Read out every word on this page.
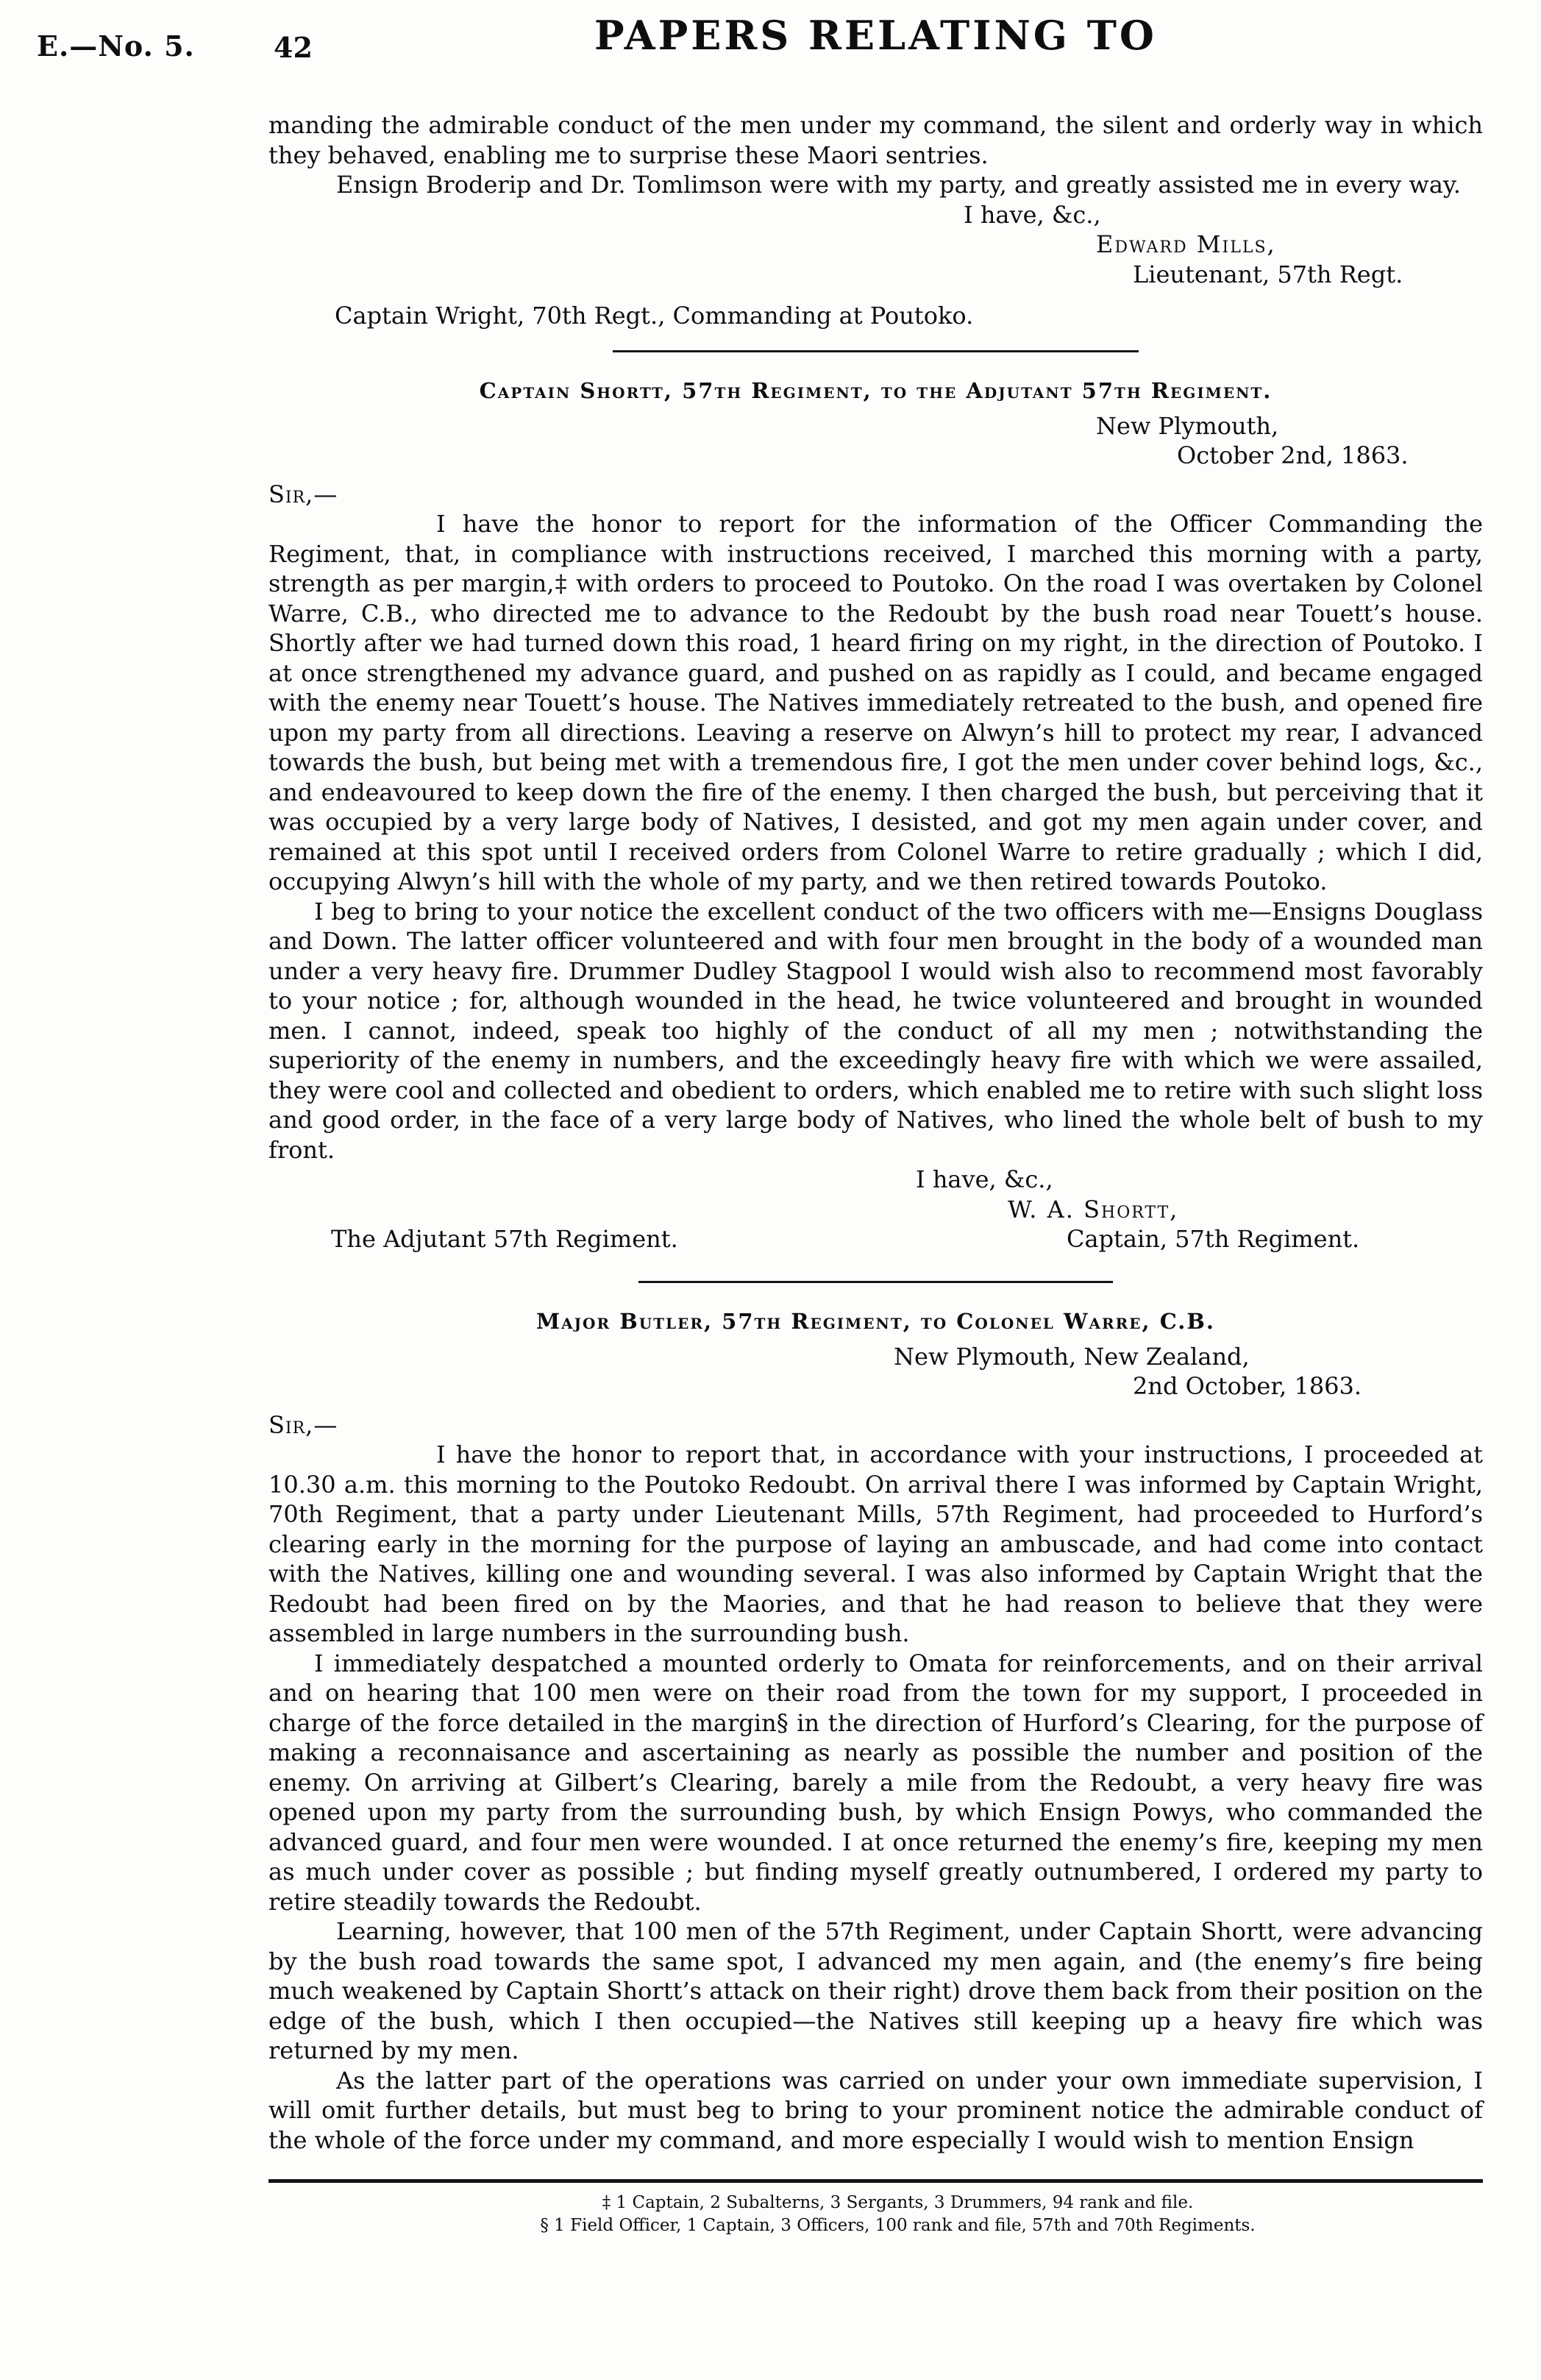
E.—No. 5.	42	PAPERS RELATING TO

manding the admirable conduct of the men under my command, the silent and orderly way in which they behaved, enabling me to surprise these Maori sentries.

Ensign Broderip and Dr. Tomlimson were with my party, and greatly assisted me in every way.

I have, &c.,
Edward Mills,
Lieutenant, 57th Regt.
Captain Wright, 70th Regt., Commanding at Poutoko.
Captain Shortt, 57th Regiment, to the Adjutant 57th Regiment.
New Plymouth,
October 2nd, 1863.
Sir,—

I have the honor to report for the information of the Officer Commanding the Regiment, that, in compliance with instructions received, I marched this morning with a party, strength as per margin,‡ with orders to proceed to Poutoko. On the road I was overtaken by Colonel Warre, C.B., who directed me to advance to the Redoubt by the bush road near Touett’s house. Shortly after we had turned down this road, 1 heard firing on my right, in the direction of Poutoko. I at once strengthened my advance guard, and pushed on as rapidly as I could, and became engaged with the enemy near Touett’s house. The Natives immediately retreated to the bush, and opened fire upon my party from all directions. Leaving a reserve on Alwyn’s hill to protect my rear, I advanced towards the bush, but being met with a tremendous fire, I got the men under cover behind logs, &c., and endeavoured to keep down the fire of the enemy. I then charged the bush, but perceiving that it was occupied by a very large body of Natives, I desisted, and got my men again under cover, and remained at this spot until I received orders from Colonel Warre to retire gradually ; which I did, occupying Alwyn’s hill with the whole of my party, and we then retired towards Poutoko.

I beg to bring to your notice the excellent conduct of the two officers with me—Ensigns Douglass and Down. The latter officer volunteered and with four men brought in the body of a wounded man under a very heavy fire. Drummer Dudley Stagpool I would wish also to recommend most favorably to your notice ; for, although wounded in the head, he twice volunteered and brought in wounded men. I cannot, indeed, speak too highly of the conduct of all my men ; notwithstanding the superiority of the enemy in numbers, and the exceedingly heavy fire with which we were assailed, they were cool and collected and obedient to orders, which enabled me to retire with such slight loss and good order, in the face of a very large body of Natives, who lined the whole belt of bush to my front.

I have, &c.,
W. A. Shortt,
The Adjutant 57th Regiment.	Captain, 57th Regiment.
Major Butler, 57th Regiment, to Colonel Warre, C.B.
New Plymouth, New Zealand,
2nd October, 1863.
Sir,—

I have the honor to report that, in accordance with your instructions, I proceeded at 10.30 a.m. this morning to the Poutoko Redoubt. On arrival there I was informed by Captain Wright, 70th Regiment, that a party under Lieutenant Mills, 57th Regiment, had proceeded to Hurford’s clearing early in the morning for the purpose of laying an ambuscade, and had come into contact with the Natives, killing one and wounding several. I was also informed by Captain Wright that the Redoubt had been fired on by the Maories, and that he had reason to believe that they were assembled in large numbers in the surrounding bush.

I immediately despatched a mounted orderly to Omata for reinforcements, and on their arrival and on hearing that 100 men were on their road from the town for my support, I proceeded in charge of the force detailed in the margin§ in the direction of Hurford’s Clearing, for the purpose of making a reconnaisance and ascertaining as nearly as possible the number and position of the enemy. On arriving at Gilbert’s Clearing, barely a mile from the Redoubt, a very heavy fire was opened upon my party from the surrounding bush, by which Ensign Powys, who commanded the advanced guard, and four men were wounded. I at once returned the enemy’s fire, keeping my men as much under cover as possible ; but finding myself greatly outnumbered, I ordered my party to retire steadily towards the Redoubt.

Learning, however, that 100 men of the 57th Regiment, under Captain Shortt, were advancing by the bush road towards the same spot, I advanced my men again, and (the enemy’s fire being much weakened by Captain Shortt’s attack on their right) drove them back from their position on the edge of the bush, which I then occupied—the Natives still keeping up a heavy fire which was returned by my men.

As the latter part of the operations was carried on under your own immediate supervision, I will omit further details, but must beg to bring to your prominent notice the admirable conduct of the whole of the force under my command, and more especially I would wish to mention Ensign

‡ 1 Captain, 2 Subalterns, 3 Sergants, 3 Drummers, 94 rank and file.

§ 1 Field Officer, 1 Captain, 3 Officers, 100 rank and file, 57th and 70th Regiments.
